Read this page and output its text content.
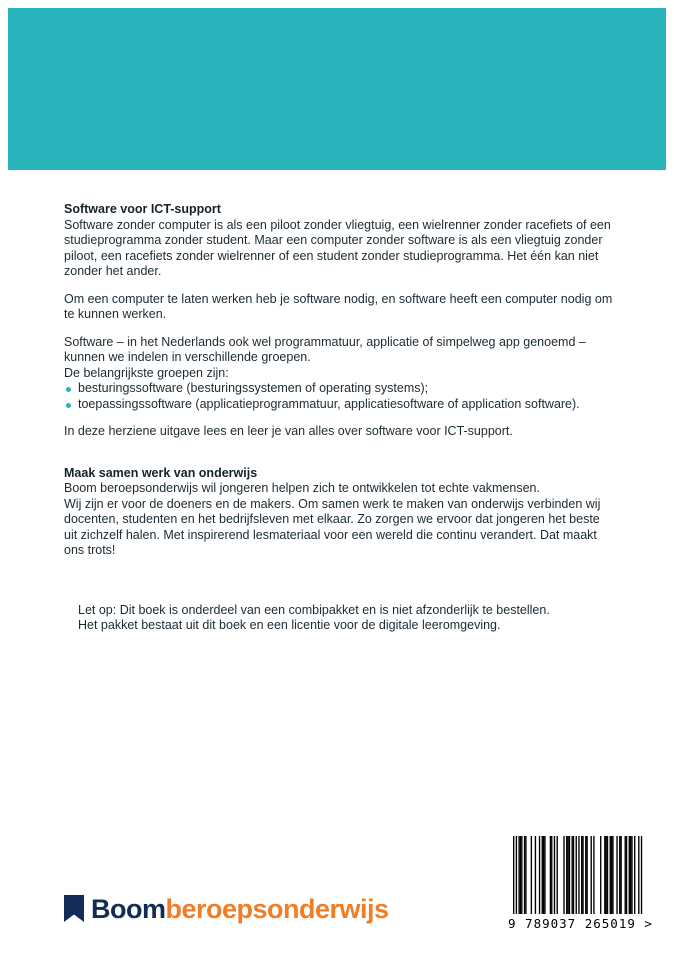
Software voor ICT-support

Software zonder computer is als een piloot zonder vliegtuig, een wielrenner zonder racefiets of een studieprogramma zonder student. Maar een computer zonder software is als een vliegtuig zonder piloot, een racefiets zonder wielrenner of een student zonder studieprogramma. Het één kan niet zonder het ander.

Om een computer te laten werken heb je software nodig, en software heeft een computer nodig om te kunnen werken.

Software – in het Nederlands ook wel programmatuur, applicatie of simpelweg app genoemd – kunnen we indelen in verschillende groepen.

De belangrijkste groepen zijn:

besturingssoftware (besturingssystemen of operating systems);
toepassingssoftware (applicatieprogrammatuur, applicatiesoftware of application software).

In deze herziene uitgave lees en leer je van alles over software voor ICT-support.

Maak samen werk van onderwijs

Boom beroepsonderwijs wil jongeren helpen zich te ontwikkelen tot echte vakmensen.

Wij zijn er voor de doeners en de makers. Om samen werk te maken van onderwijs verbinden wij docenten, studenten en het bedrijfsleven met elkaar. Zo zorgen we ervoor dat jongeren het beste uit zichzelf halen. Met inspirerend lesmateriaal voor een wereld die continu verandert. Dat maakt ons trots!

Let op: Dit boek is onderdeel van een combipakket en is niet afzonderlijk te bestellen.

Het pakket bestaat uit dit boek en een licentie voor de digitale leeromgeving.

Boomberoepsonderwijs	9 789037 265019 >
